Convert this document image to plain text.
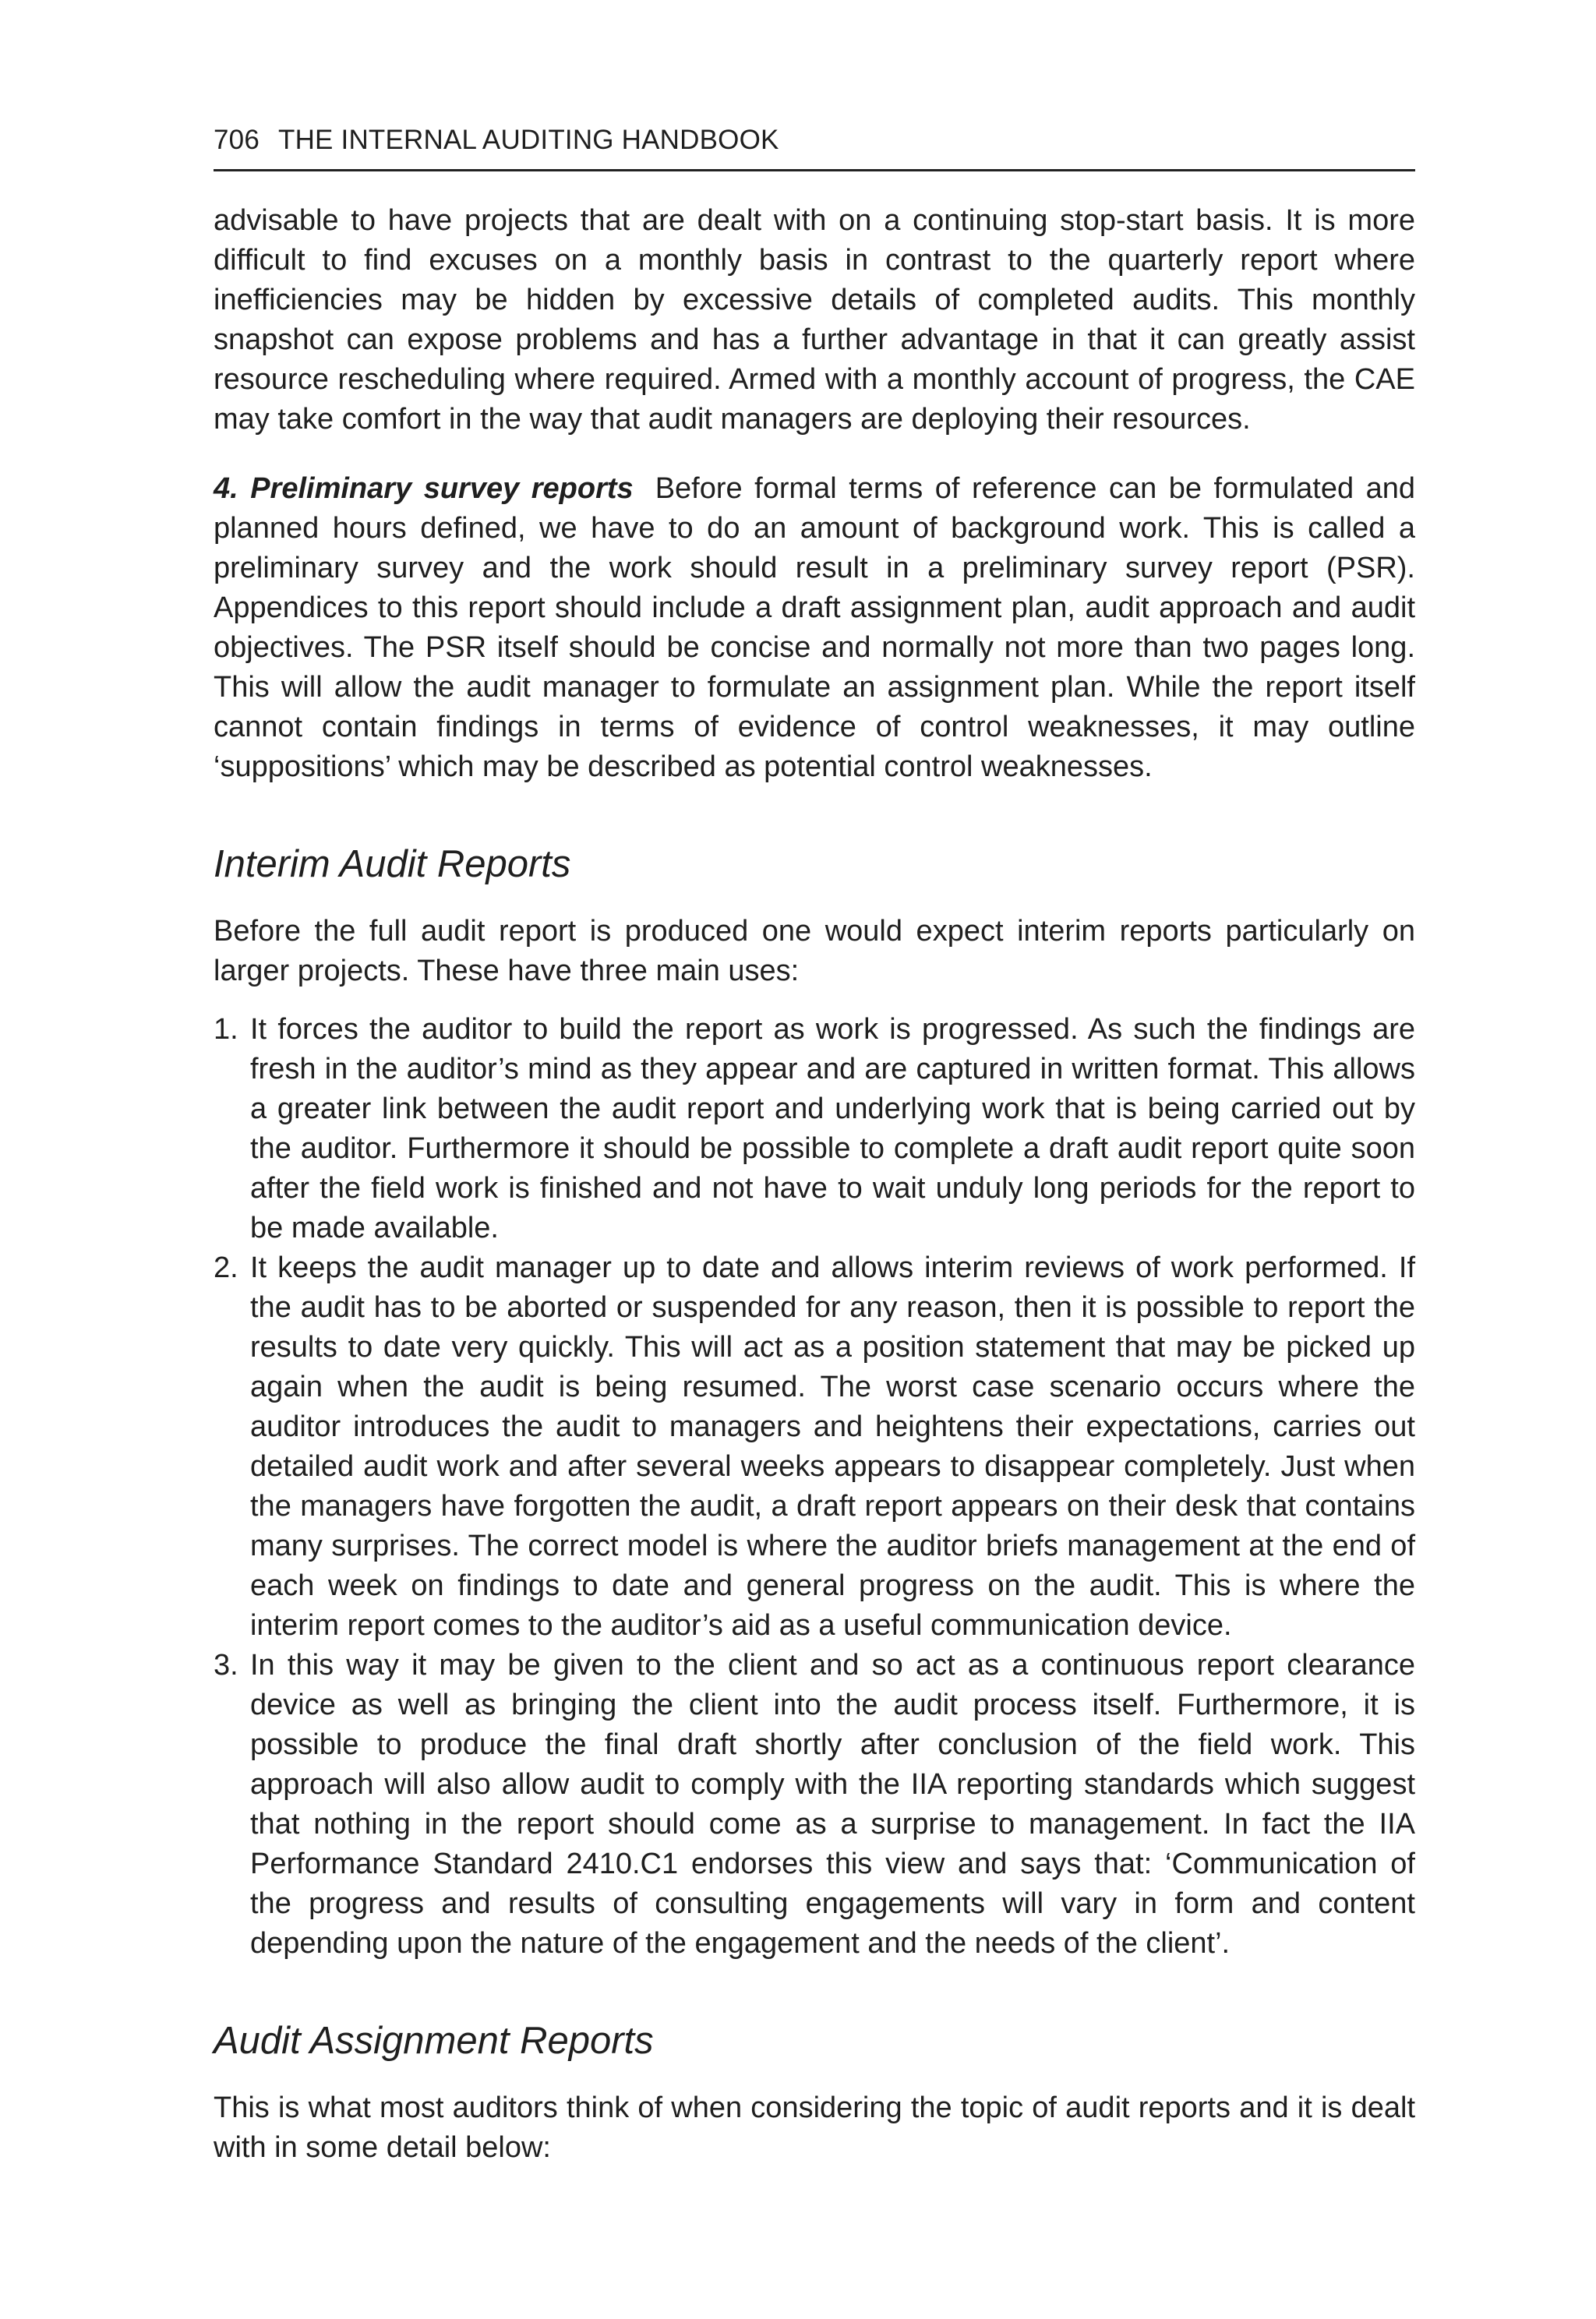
706 THE INTERNAL AUDITING HANDBOOK

advisable to have projects that are dealt with on a continuing stop-start basis. It is more difficult to find excuses on a monthly basis in contrast to the quarterly report where inefficiencies may be hidden by excessive details of completed audits. This monthly snapshot can expose problems and has a further advantage in that it can greatly assist resource rescheduling where required. Armed with a monthly account of progress, the CAE may take comfort in the way that audit managers are deploying their resources.

4. Preliminary survey reports Before formal terms of reference can be formulated and planned hours defined, we have to do an amount of background work. This is called a preliminary survey and the work should result in a preliminary survey report (PSR). Appendices to this report should include a draft assignment plan, audit approach and audit objectives. The PSR itself should be concise and normally not more than two pages long. This will allow the audit manager to formulate an assignment plan. While the report itself cannot contain findings in terms of evidence of control weaknesses, it may outline ‘suppositions’ which may be described as potential control weaknesses.

Interim Audit Reports

Before the full audit report is produced one would expect interim reports particularly on larger projects. These have three main uses:

1. It forces the auditor to build the report as work is progressed. As such the findings are fresh in the auditor’s mind as they appear and are captured in written format. This allows a greater link between the audit report and underlying work that is being carried out by the auditor. Furthermore it should be possible to complete a draft audit report quite soon after the field work is finished and not have to wait unduly long periods for the report to be made available.
2. It keeps the audit manager up to date and allows interim reviews of work performed. If the audit has to be aborted or suspended for any reason, then it is possible to report the results to date very quickly. This will act as a position statement that may be picked up again when the audit is being resumed. The worst case scenario occurs where the auditor introduces the audit to managers and heightens their expectations, carries out detailed audit work and after several weeks appears to disappear completely. Just when the managers have forgotten the audit, a draft report appears on their desk that contains many surprises. The correct model is where the auditor briefs management at the end of each week on findings to date and general progress on the audit. This is where the interim report comes to the auditor’s aid as a useful communication device.
3. In this way it may be given to the client and so act as a continuous report clearance device as well as bringing the client into the audit process itself. Furthermore, it is possible to produce the final draft shortly after conclusion of the field work. This approach will also allow audit to comply with the IIA reporting standards which suggest that nothing in the report should come as a surprise to management. In fact the IIA Performance Standard 2410.C1 endorses this view and says that: ‘Communication of the progress and results of consulting engagements will vary in form and content depending upon the nature of the engagement and the needs of the client’.
Audit Assignment Reports

This is what most auditors think of when considering the topic of audit reports and it is dealt with in some detail below:
